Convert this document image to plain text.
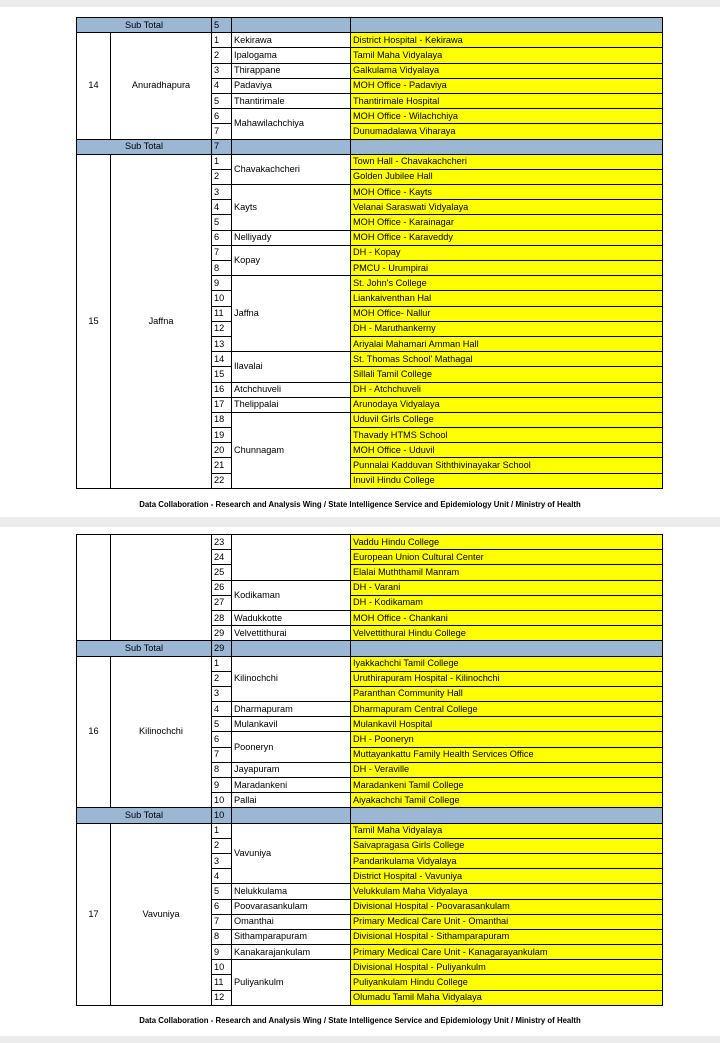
Sub Total		5		
14	Anuradhapura	1	Kekirawa	District Hospital - Kekirawa
		2	Ipalogama	Tamil Maha Vidyalaya
		3	Thirappane	Galkulama Vidyalaya
		4	Padaviya	MOH Office - Padaviya
		5	Thantirimale	Thantirimale Hospital
		6	Mahawilachchiya	MOH Office - Wilachchiya
		7		Dunumadalawa Viharaya
Sub Total		7		
15	Jaffna	1	Chavakachcheri	Town Hall - Chavakachcheri
		2		Golden Jubilee Hall
		3	Kayts	MOH Office - Kayts
		4		Velanai Saraswati Vidyalaya
		5		MOH Office - Karainagar
		6	Nelliyady	MOH Office - Karaveddy
		7	Kopay	DH - Kopay
		8		PMCU - Urumpirai
		9	Jaffna	St. John's College
		10		Liankaiventhan Hal
		11		MOH Office- Nallur
		12		DH - Maruthankerny
		13		Ariyalai Mahamari Amman Hall
		14	Ilavalai	St. Thomas School' Mathagal
		15		Sillali Tamil College
		16	Atchchuveli	DH - Atchchuveli
		17	Thelippalai	Arunodaya Vidyalaya
		18	Chunnagam	Uduvil Girls College
		19		Thavady HTMS School
		20		MOH Office - Uduvil
		21		Punnalai Kadduvan Siththivinayakar School
		22		Inuvil Hindu College
Data Collaboration - Research and Analysis Wing / State Intelligence Service and Epidemiology Unit / Ministry of Health
		23		Vaddu Hindu College
		24		European Union Cultural Center
		25		Elalai Muththamil Manram
		26	Kodikaman	DH - Varani
		27		DH - Kodikamam
		28	Wadukkotte	MOH Office - Chankani
		29	Velvettithurai	Velvettithurai Hindu College
Sub Total		29		
16	Kilinochchi	1	Kilinochchi	Iyakkachchi Tamil College
		2		Uruthirapuram Hospital - Kilinochchi
		3		Paranthan Community Hall
		4	Dharmapuram	Dharmapuram Central College
		5	Mulankavil	Mulankavil Hospital
		6	Pooneryn	DH - Pooneryn
		7		Muttayankattu Family Health Services Office
		8	Jayapuram	DH - Veraville
		9	Maradankeni	Maradankeni Tamil College
		10	Pallai	Aiyakachchi Tamil College
Sub Total		10		
17	Vavuniya	1	Vavuniya	Tamil Maha Vidyalaya
		2		Saivapragasa Girls College
		3		Pandarikulama Vidyalaya
		4		District Hospital - Vavuniya
		5	Nelukkulama	Velukkulam Maha Vidyalaya
		6	Poovarasankulam	Divisional Hospital - Poovarasankulam
		7	Omanthai	Primary Medical Care Unit - Omanthai
		8	Sithamparapuram	Divisional Hospital - Sithamparapuram
		9	Kanakarajankulam	Primary Medical Care Unit - Kanagarayankulam
		10	Puliyankulm	Divisional Hospital - Puliyankulm
		11		Puliyankulam Hindu College
		12		Olumadu Tamil Maha Vidyalaya
Data Collaboration - Research and Analysis Wing / State Intelligence Service and Epidemiology Unit / Ministry of Health
